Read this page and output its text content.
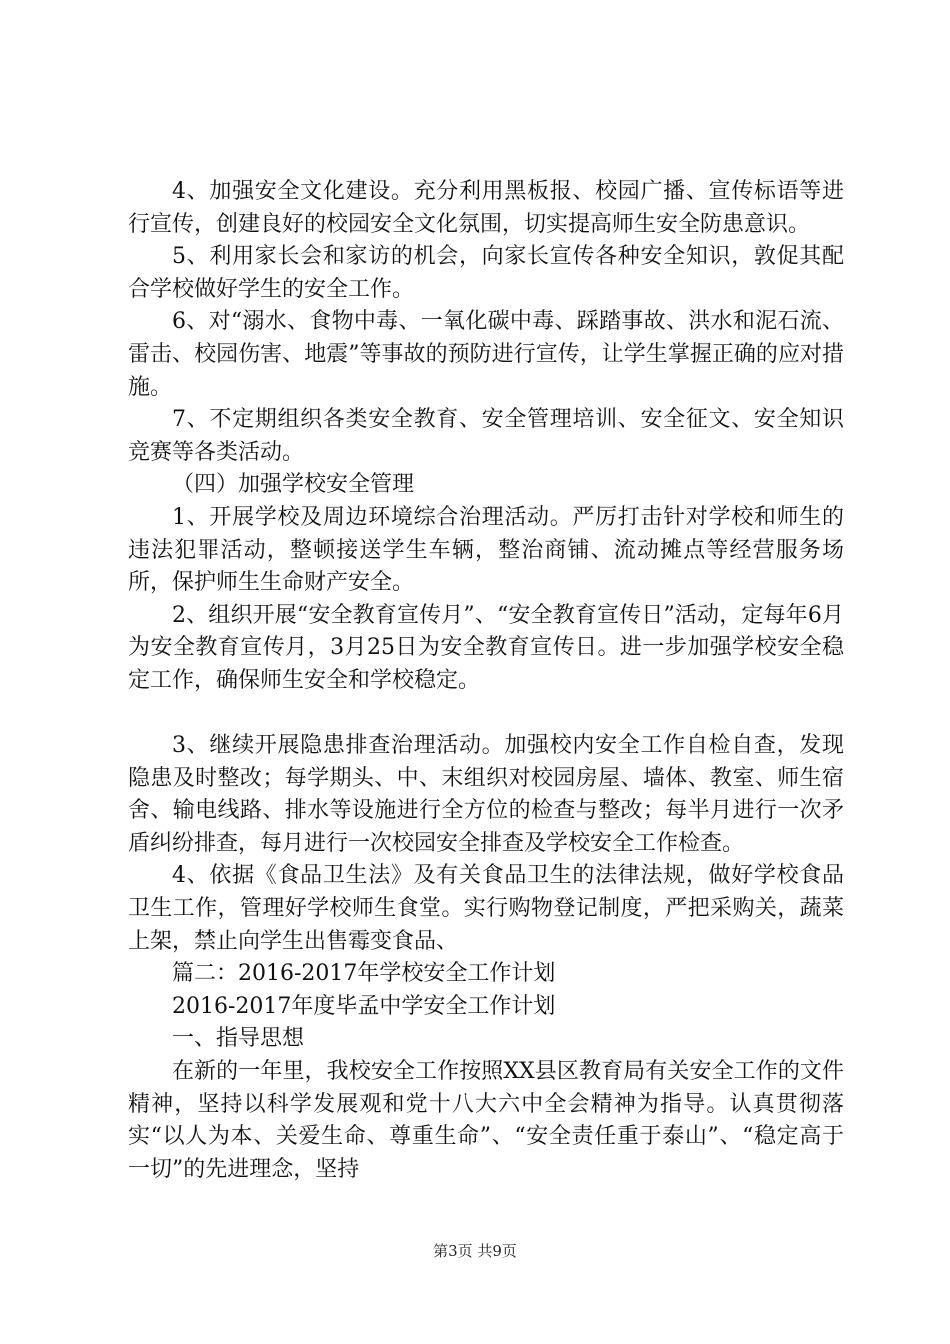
4、加强安全文化建设。充分利用黑板报、校园广播、宣传标语等进行宣传，创建良好的校园安全文化氛围，切实提高师生安全防患意识。

5、利用家长会和家访的机会，向家长宣传各种安全知识，敦促其配合学校做好学生的安全工作。

6、对“溺水、食物中毒、一氧化碳中毒、踩踏事故、洪水和泥石流、雷击、校园伤害、地震”等事故的预防进行宣传，让学生掌握正确的应对措施。

7、不定期组织各类安全教育、安全管理培训、安全征文、安全知识竞赛等各类活动。

（四）加强学校安全管理

1、开展学校及周边环境综合治理活动。严厉打击针对学校和师生的违法犯罪活动，整顿接送学生车辆，整治商铺、流动摊点等经营服务场所，保护师生生命财产安全。

2、组织开展“安全教育宣传月”、“安全教育宣传日”活动，定每年6月为安全教育宣传月，3月25日为安全教育宣传日。进一步加强学校安全稳定工作，确保师生安全和学校稳定。

3、继续开展隐患排查治理活动。加强校内安全工作自检自查，发现隐患及时整改；每学期头、中、末组织对校园房屋、墙体、教室、师生宿舍、输电线路、排水等设施进行全方位的检查与整改；每半月进行一次矛盾纠纷排查，每月进行一次校园安全排查及学校安全工作检查。

4、依据《食品卫生法》及有关食品卫生的法律法规，做好学校食品卫生工作，管理好学校师生食堂。实行购物登记制度，严把采购关，蔬菜上架，禁止向学生出售霉变食品、

篇二：2016-2017年学校安全工作计划

2016-2017年度毕孟中学安全工作计划

一、指导思想

在新的一年里，我校安全工作按照XX县区教育局有关安全工作的文件精神，坚持以科学发展观和党十八大六中全会精神为指导。认真贯彻落实“以人为本、关爱生命、尊重生命”、“安全责任重于泰山”、“稳定高于一切”的先进理念，坚持

第3页 共9页
